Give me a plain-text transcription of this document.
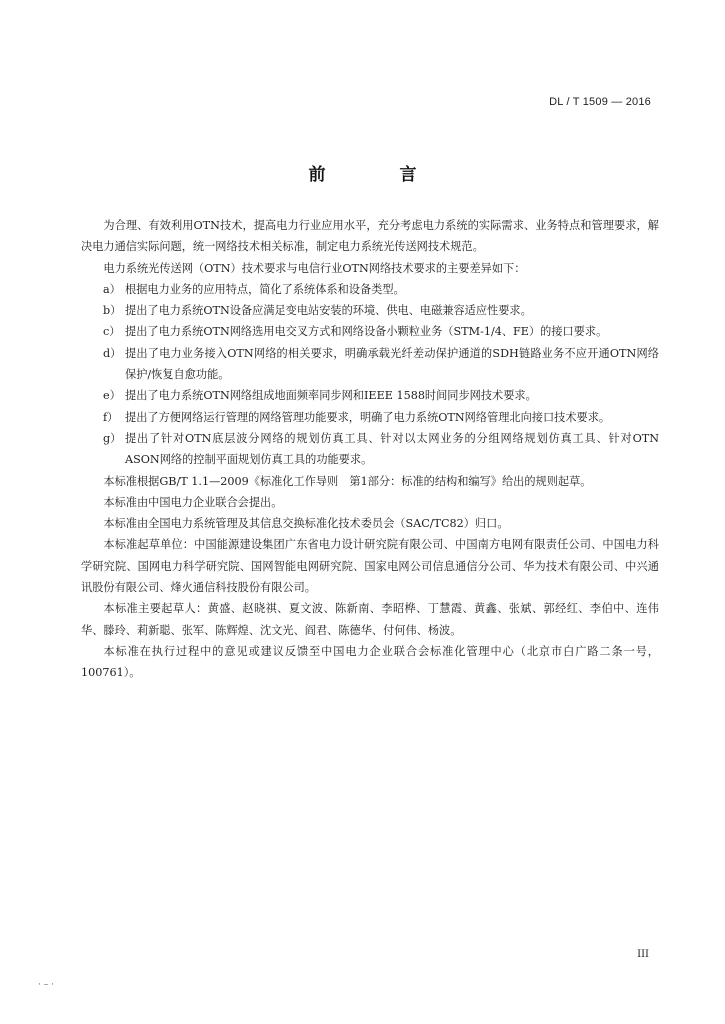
DL / T 1509 — 2016
前 言

为合理、有效利用OTN技术，提高电力行业应用水平，充分考虑电力系统的实际需求、业务特点和管理要求，解决电力通信实际问题，统一网络技术相关标准，制定电力系统光传送网技术规范。

电力系统光传送网（OTN）技术要求与电信行业OTN网络技术要求的主要差异如下：

a） 根据电力业务的应用特点，简化了系统体系和设备类型。
b） 提出了电力系统OTN设备应满足变电站安装的环境、供电、电磁兼容适应性要求。
c） 提出了电力系统OTN网络选用电交叉方式和网络设备小颗粒业务（STM-1/4、FE）的接口要求。
d） 提出了电力业务接入OTN网络的相关要求，明确承载光纤差动保护通道的SDH链路业务不应开通OTN网络保护/恢复自愈功能。
e） 提出了电力系统OTN网络组成地面频率同步网和IEEE 1588时间同步网技术要求。
f） 提出了方便网络运行管理的网络管理功能要求，明确了电力系统OTN网络管理北向接口技术要求。
g） 提出了针对OTN底层波分网络的规划仿真工具、针对以太网业务的分组网络规划仿真工具、针对OTN ASON网络的控制平面规划仿真工具的功能要求。

本标准根据GB/T 1.1—2009《标准化工作导则　第1部分：标准的结构和编写》给出的规则起草。

本标准由中国电力企业联合会提出。

本标准由全国电力系统管理及其信息交换标准化技术委员会（SAC/TC82）归口。

本标准起草单位：中国能源建设集团广东省电力设计研究院有限公司、中国南方电网有限责任公司、中国电力科学研究院、国网电力科学研究院、国网智能电网研究院、国家电网公司信息通信分公司、华为技术有限公司、中兴通讯股份有限公司、烽火通信科技股份有限公司。

本标准主要起草人：黄盛、赵晓祺、夏文波、陈新南、李昭桦、丁慧霞、黄鑫、张斌、郭经红、李伯中、连伟华、滕玲、莉新聪、张军、陈辉煌、沈文光、阎君、陈德华、付何伟、杨波。

本标准在执行过程中的意见或建议反馈至中国电力企业联合会标准化管理中心（北京市白广路二条一号，100761）。

III
· – ·
